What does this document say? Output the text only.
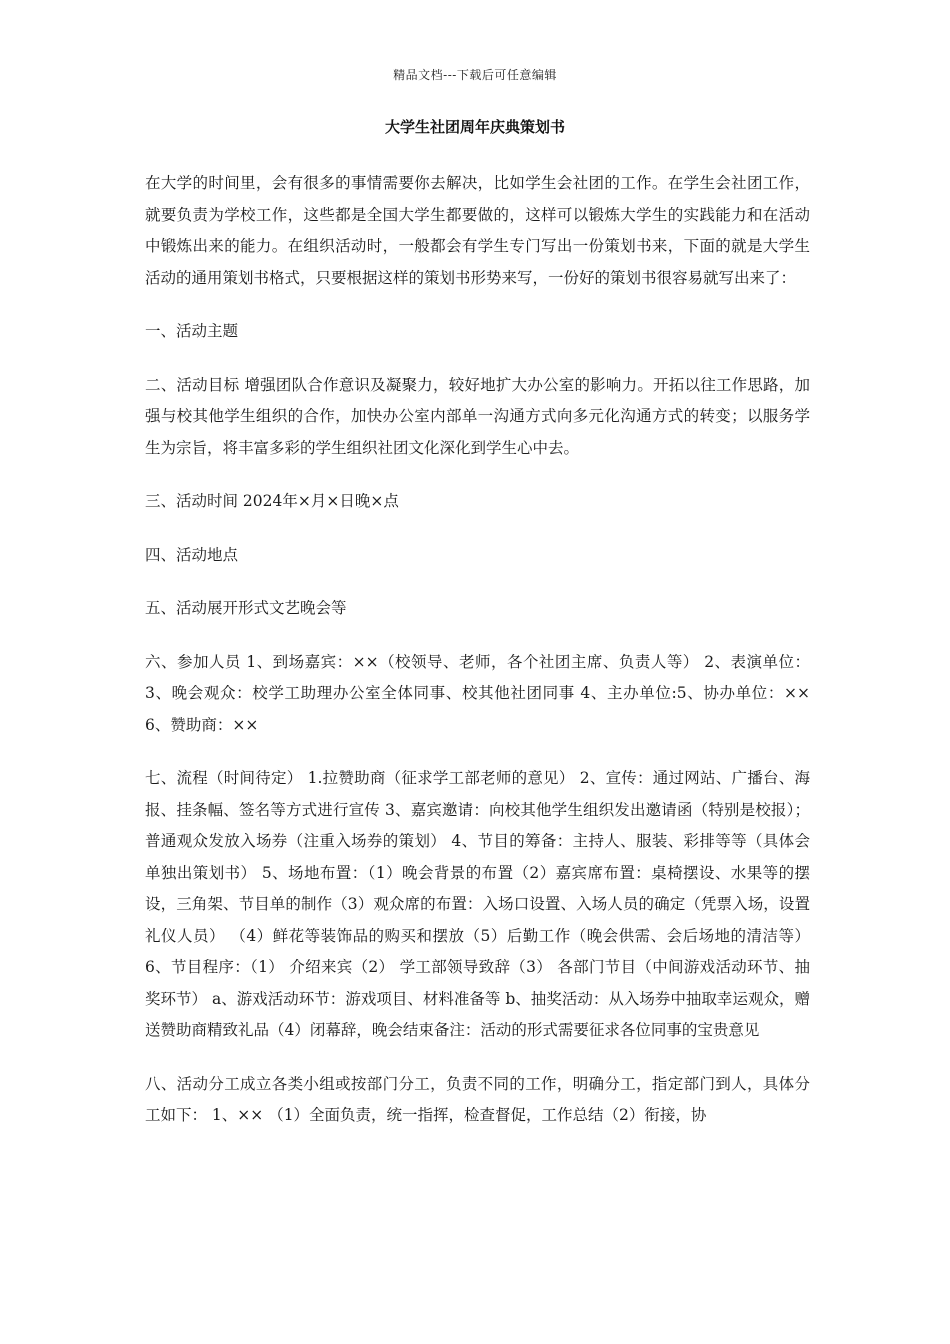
精品文档---下载后可任意编辑
大学生社团周年庆典策划书

在大学的时间里，会有很多的事情需要你去解决，比如学生会社团的工作。在学生会社团工作，就要负责为学校工作，这些都是全国大学生都要做的，这样可以锻炼大学生的实践能力和在活动中锻炼出来的能力。在组织活动时，一般都会有学生专门写出一份策划书来，下面的就是大学生活动的通用策划书格式，只要根据这样的策划书形势来写，一份好的策划书很容易就写出来了：

一、活动主题

二、活动目标 增强团队合作意识及凝聚力，较好地扩大办公室的影响力。开拓以往工作思路，加强与校其他学生组织的合作，加快办公室内部单一沟通方式向多元化沟通方式的转变；以服务学生为宗旨，将丰富多彩的学生组织社团文化深化到学生心中去。

三、活动时间 2024年×月×日晚×点

四、活动地点

五、活动展开形式文艺晚会等

六、参加人员 1、到场嘉宾：××（校领导、老师，各个社团主席、负责人等） 2、表演单位：3、晚会观众：校学工助理办公室全体同事、校其他社团同事 4、主办单位:5、协办单位：×× 6、赞助商：××

七、流程（时间待定） 1.拉赞助商（征求学工部老师的意见） 2、宣传：通过网站、广播台、海报、挂条幅、签名等方式进行宣传 3、嘉宾邀请：向校其他学生组织发出邀请函（特别是校报）；普通观众发放入场券（注重入场券的策划） 4、节目的筹备：主持人、服装、彩排等等（具体会单独出策划书） 5、场地布置：（1）晚会背景的布置（2）嘉宾席布置：桌椅摆设、水果等的摆设，三角架、节目单的制作（3）观众席的布置：入场口设置、入场人员的确定（凭票入场，设置礼仪人员） （4）鲜花等装饰品的购买和摆放（5）后勤工作（晚会供需、会后场地的清洁等） 6、节目程序：（1） 介绍来宾（2） 学工部领导致辞（3） 各部门节目（中间游戏活动环节、抽奖环节） a、游戏活动环节：游戏项目、材料准备等 b、抽奖活动：从入场券中抽取幸运观众，赠送赞助商精致礼品（4）闭幕辞，晚会结束备注：活动的形式需要征求各位同事的宝贵意见

八、活动分工成立各类小组或按部门分工，负责不同的工作，明确分工，指定部门到人，具体分工如下： 1、×× （1）全面负责，统一指挥，检查督促，工作总结（2）衔接，协
